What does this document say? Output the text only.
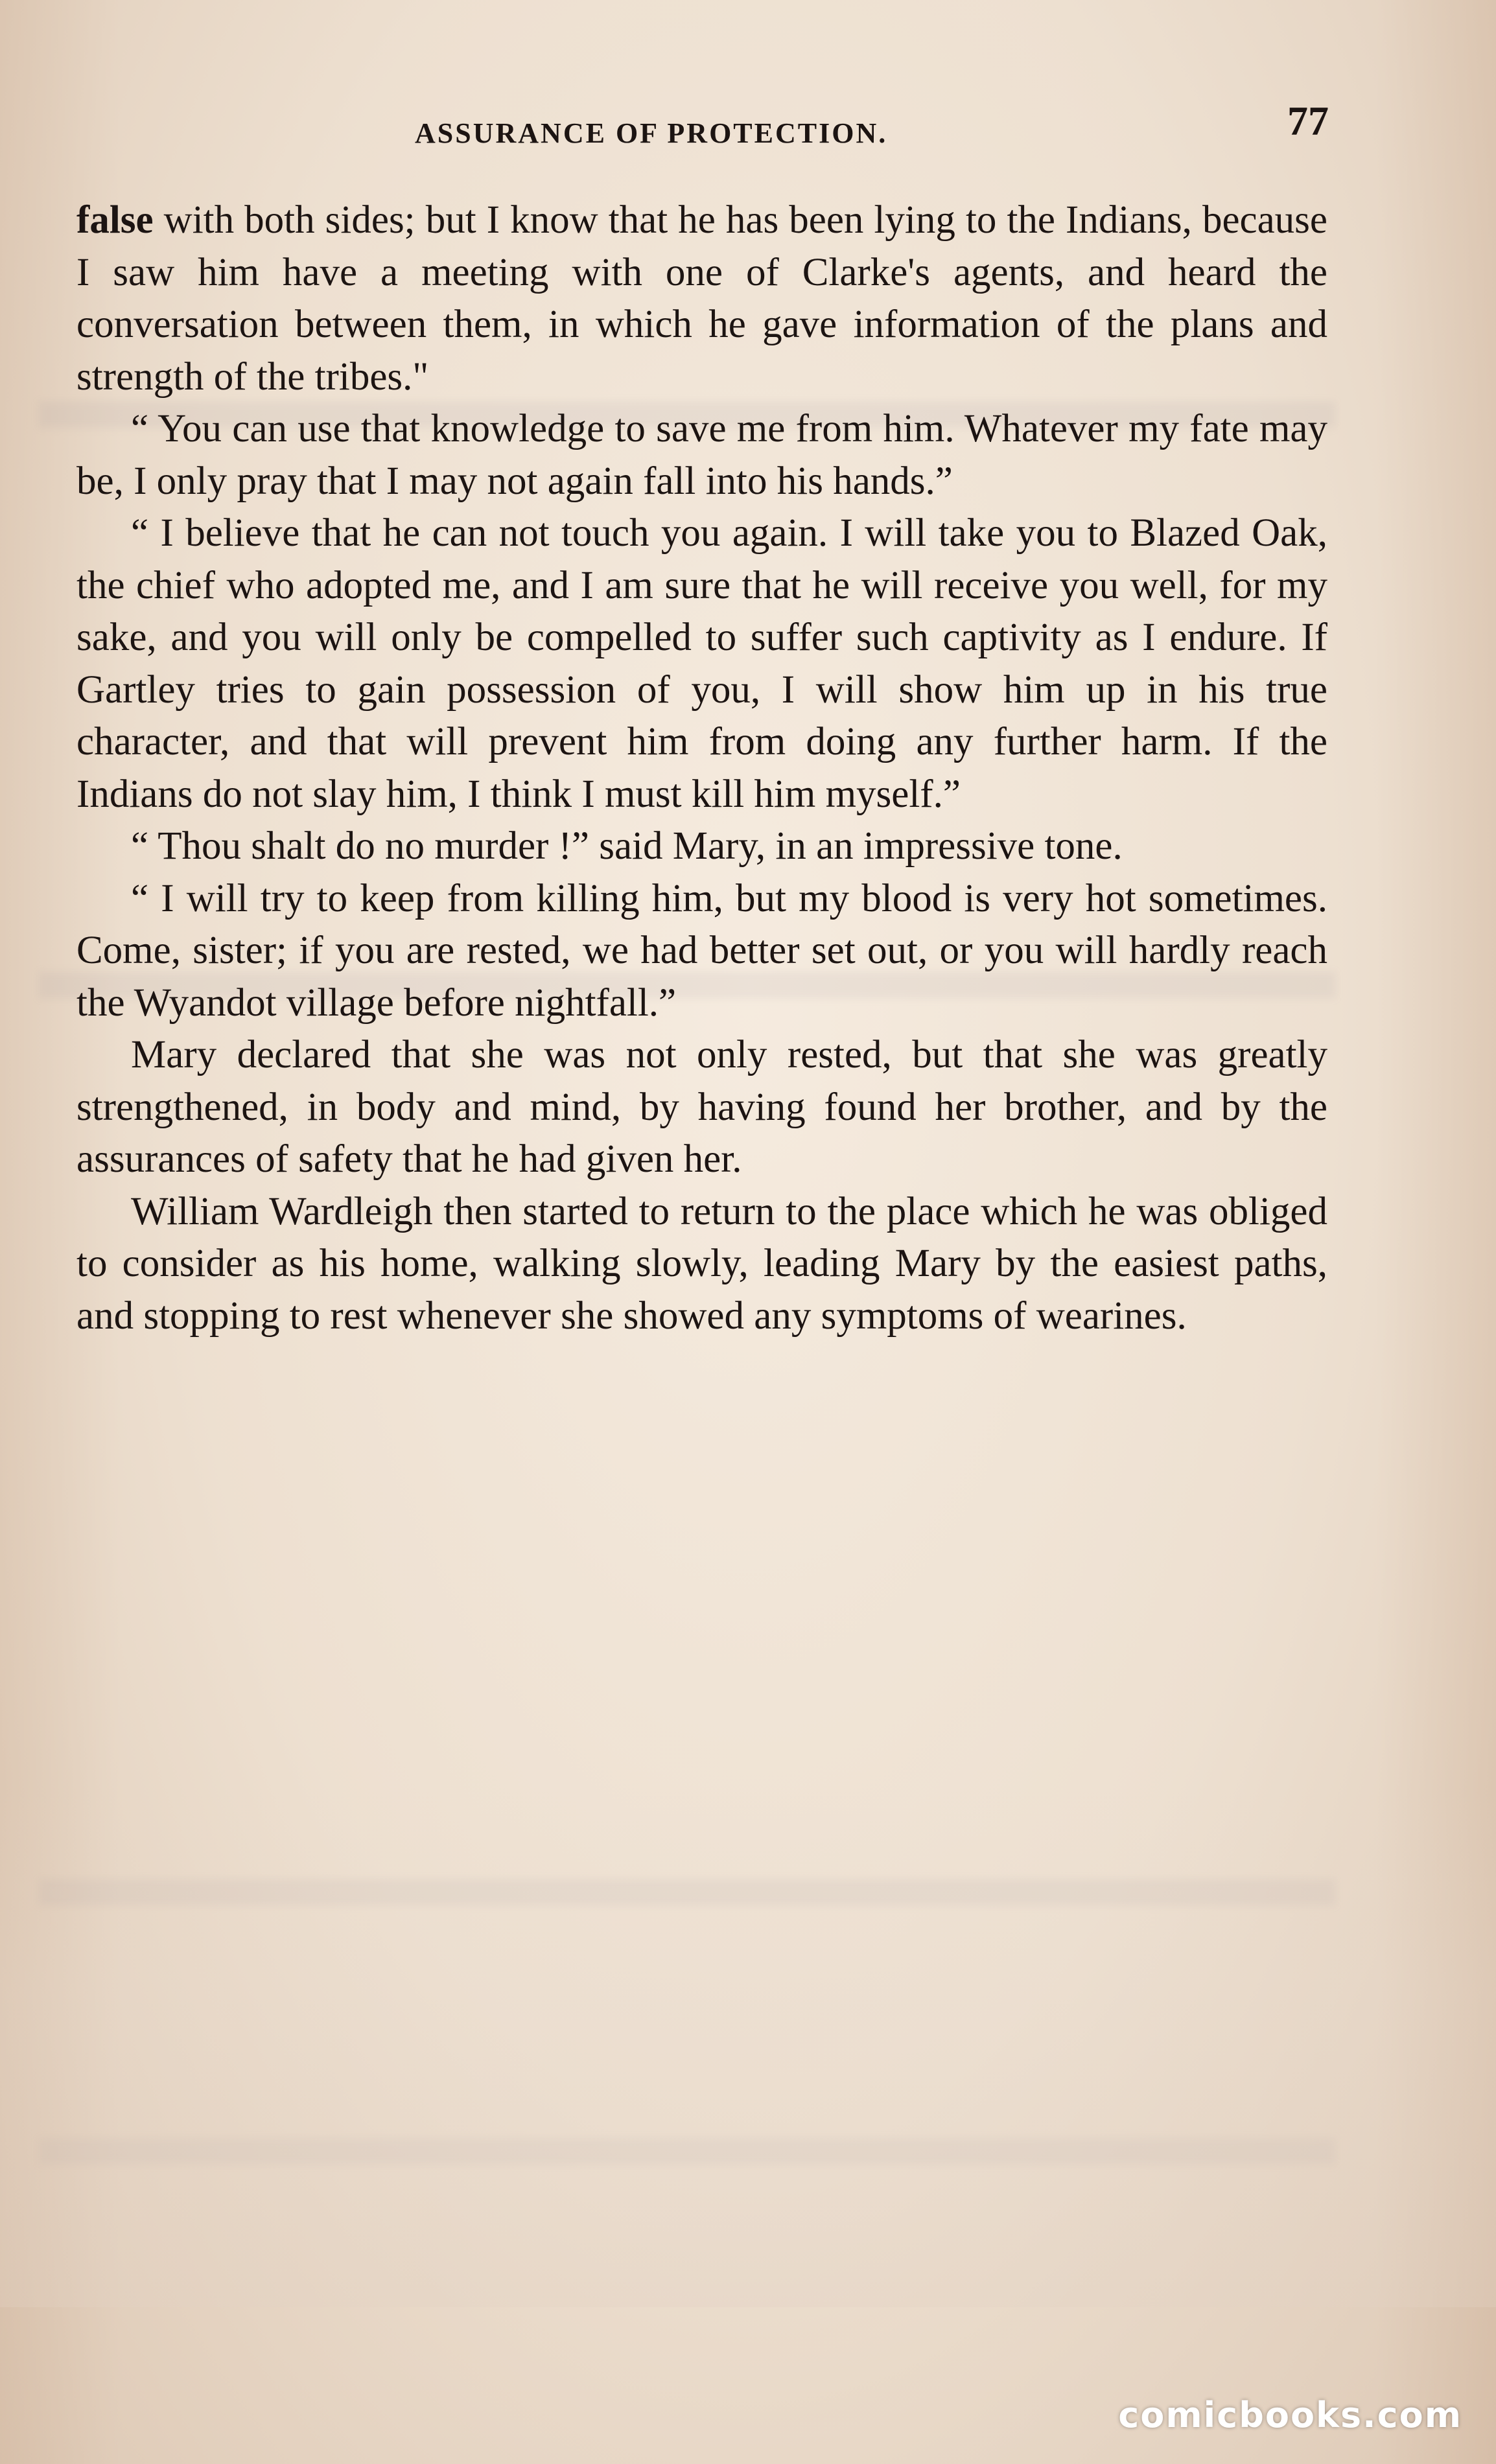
ASSURANCE OF PROTECTION.	77

false with both sides; but I know that he has been lying to the Indians, because I saw him have a meeting with one of Clarke's agents, and heard the conversation between them, in which he gave information of the plans and strength of the tribes."

“ You can use that knowledge to save me from him. Whatever my fate may be, I only pray that I may not again fall into his hands.”

“ I believe that he can not touch you again. I will take you to Blazed Oak, the chief who adopted me, and I am sure that he will receive you well, for my sake, and you will only be compelled to suffer such captivity as I endure. If Gartley tries to gain possession of you, I will show him up in his true character, and that will prevent him from doing any further harm. If the Indians do not slay him, I think I must kill him myself.”

“ Thou shalt do no murder !” said Mary, in an impressive tone.

“ I will try to keep from killing him, but my blood is very hot sometimes. Come, sister; if you are rested, we had better set out, or you will hardly reach the Wyandot village before nightfall.”

Mary declared that she was not only rested, but that she was greatly strengthened, in body and mind, by having found her brother, and by the assurances of safety that he had given her.

William Wardleigh then started to return to the place which he was obliged to consider as his home, walking slowly, leading Mary by the easiest paths, and stopping to rest whenever she showed any symptoms of wearines.

comicbooks.com
